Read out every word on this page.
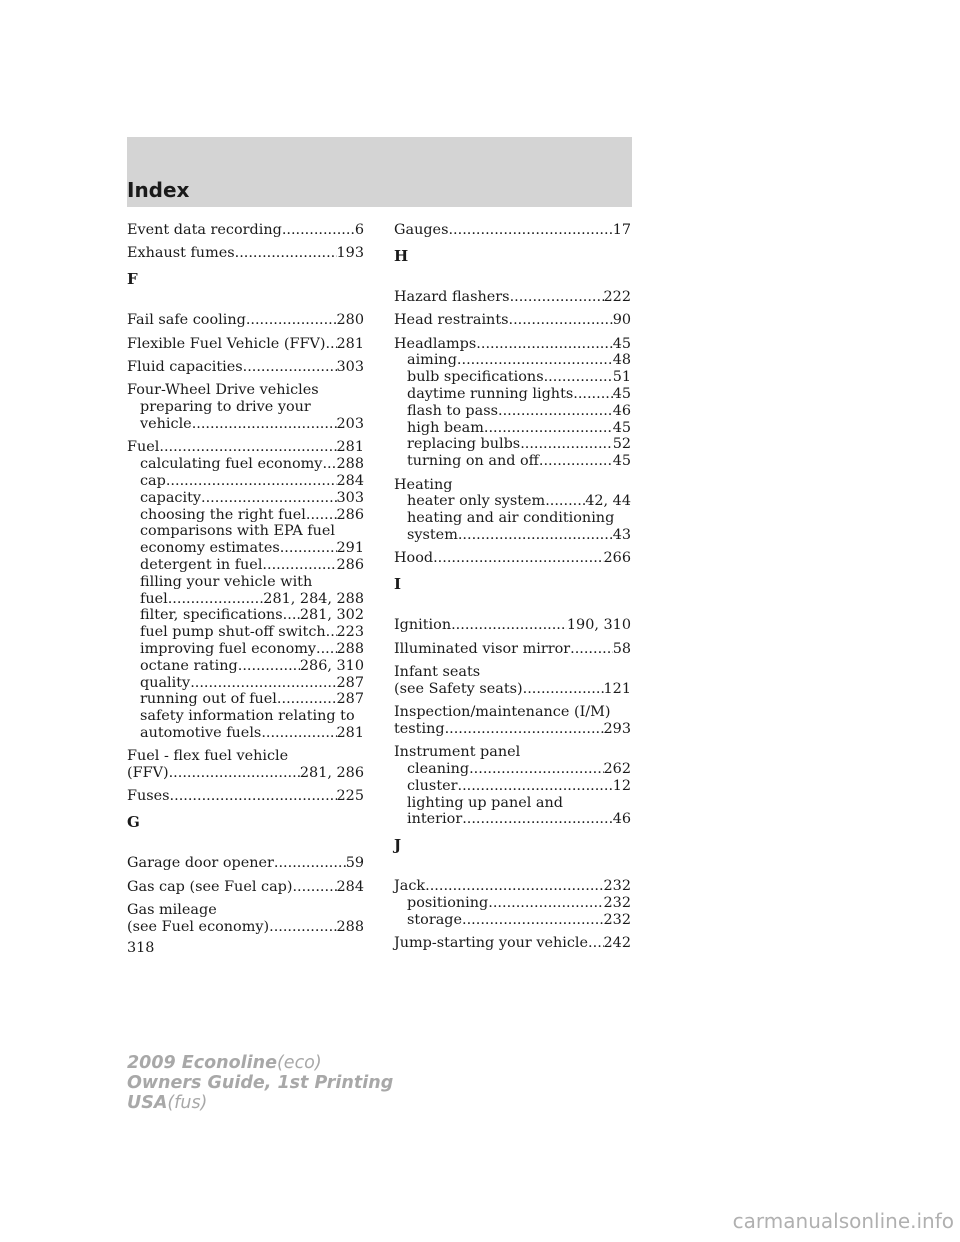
Index
Event data recording .....	6
Exhaust fumes .....	193
F
Fail safe cooling .....	280
Flexible Fuel Vehicle (FFV) ..... 281
Fluid capacities .....	303
Four-Wheel Drive vehicles
preparing to drive your
vehicle .....	203
Fuel .....	281
calculating fuel economy ..... 288
cap .....	284
capacity .....	303
choosing the right fuel ..... 286
comparisons with EPA fuel
economy estimates .....	291
detergent in fuel .....	286
filling your vehicle with
fuel .....	281, 284, 288
filter, specifications ..... 281, 302
fuel pump shut-off switch ..... 223
improving fuel economy ..... 288
octane rating .....	286, 310
quality .....	287
running out of fuel .....	287
safety information relating to
automotive fuels .....	281
Fuel - flex fuel vehicle
(FFV) .....	281, 286
Fuses .....	225
G
Garage door opener .....	59
Gas cap (see Fuel cap) .....	284
Gas mileage
(see Fuel economy) .....	288
Gauges .....	17
H
Hazard flashers .....	222
Head restraints .....	90
Headlamps .....	45
aiming .....	48
bulb specifications .....	51
daytime running lights .....	45
flash to pass .....	46
high beam .....	45
replacing bulbs .....	52
turning on and off .....	45
Heating
heater only system .....	42, 44
heating and air conditioning
system .....	43
Hood .....	266
I
Ignition .....	190, 310
Illuminated visor mirror .....	58
Infant seats
(see Safety seats) .....	121
Inspection/maintenance (I/M)
testing .....	293
Instrument panel
cleaning .....	262
cluster .....	12
lighting up panel and
interior .....	46
J
Jack .....	232
positioning .....	232
storage .....	232
Jump-starting your vehicle ..... 242
318
2009 Econoline(eco)
Owners Guide, 1st Printing
USA(fus)
carmanualsonline.info
